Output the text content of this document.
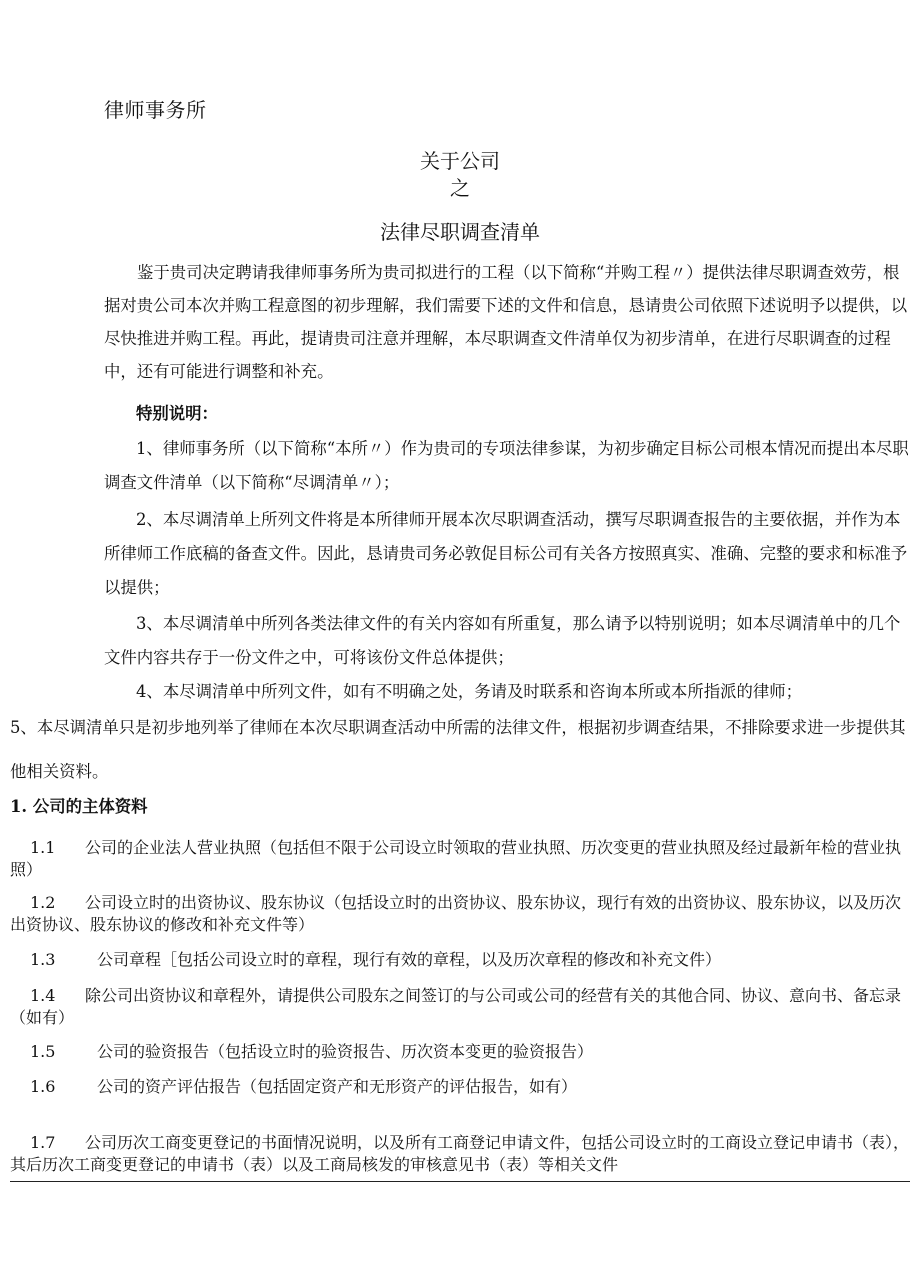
律师事务所
关于公司
之
法律尽职调查清单

鉴于贵司决定聘请我律师事务所为贵司拟进行的工程（以下简称“并购工程〃）提供法律尽职调查效劳，根据对贵公司本次并购工程意图的初步理解，我们需要下述的文件和信息，恳请贵公司依照下述说明予以提供，以尽快推进并购工程。再此，提请贵司注意并理解，本尽职调查文件清单仅为初步清单，在进行尽职调查的过程中，还有可能进行调整和补充。

特别说明：

1、律师事务所（以下简称“本所〃）作为贵司的专项法律参谋，为初步确定目标公司根本情况而提出本尽职调查文件清单（以下简称“尽调清单〃）；

2、本尽调清单上所列文件将是本所律师开展本次尽职调查活动，撰写尽职调查报告的主要依据，并作为本所律师工作底稿的备查文件。因此，恳请贵司务必敦促目标公司有关各方按照真实、准确、完整的要求和标准予以提供；

3、本尽调清单中所列各类法律文件的有关内容如有所重复，那么请予以特别说明；如本尽调清单中的几个文件内容共存于一份文件之中，可将该份文件总体提供；

4、本尽调清单中所列文件，如有不明确之处，务请及时联系和咨询本所或本所指派的律师；

5、本尽调清单只是初步地列举了律师在本次尽职调查活动中所需的法律文件，根据初步调查结果，不排除要求进一步提供其他相关资料。

1. 公司的主体资料

1.1 公司的企业法人营业执照（包括但不限于公司设立时领取的营业执照、历次变更的营业执照及经过最新年检的营业执照）

1.2 公司设立时的出资协议、股东协议（包括设立时的出资协议、股东协议，现行有效的出资协议、股东协议，以及历次出资协议、股东协议的修改和补充文件等）

1.3	公司章程［包括公司设立时的章程，现行有效的章程，以及历次章程的修改和补充文件）

1.4 除公司出资协议和章程外，请提供公司股东之间签订的与公司或公司的经营有关的其他合同、协议、意向书、备忘录（如有）

1.5	公司的验资报告（包括设立时的验资报告、历次资本变更的验资报告）

1.6	公司的资产评估报告（包括固定资产和无形资产的评估报告，如有）

1.7 公司历次工商变更登记的书面情况说明，以及所有工商登记申请文件，包括公司设立时的工商设立登记申请书（表），其后历次工商变更登记的申请书（表）以及工商局核发的审核意见书（表）等相关文件
